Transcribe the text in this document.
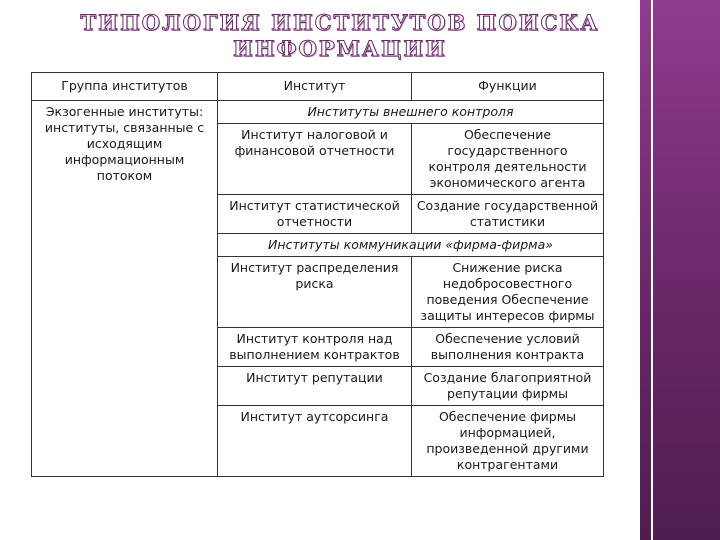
ТИПОЛОГИЯ ИНСТИТУТОВ ПОИСКА
ИНФОРМАЦИИ
Группа институтов	Институт	Функции
Экзогенные институты: институты, связанные с исходящим информационным потоком	Институты внешнего контроля	
	Институт налоговой и финансовой отчетности	Обеспечение государственного контроля деятельности экономического агента
	Институт статистической отчетности	Создание государственной статистики
	Институты коммуникации «фирма-фирма»	
	Институт распределения риска	Снижение риска недобросовестного поведения Обеспечение защиты интересов фирмы
	Институт контроля над выполнением контрактов	Обеспечение условий выполнения контракта
	Институт репутации	Создание благоприятной репутации фирмы
	Институт аутсорсинга	Обеспечение фирмы информацией, произведенной другими контрагентами
